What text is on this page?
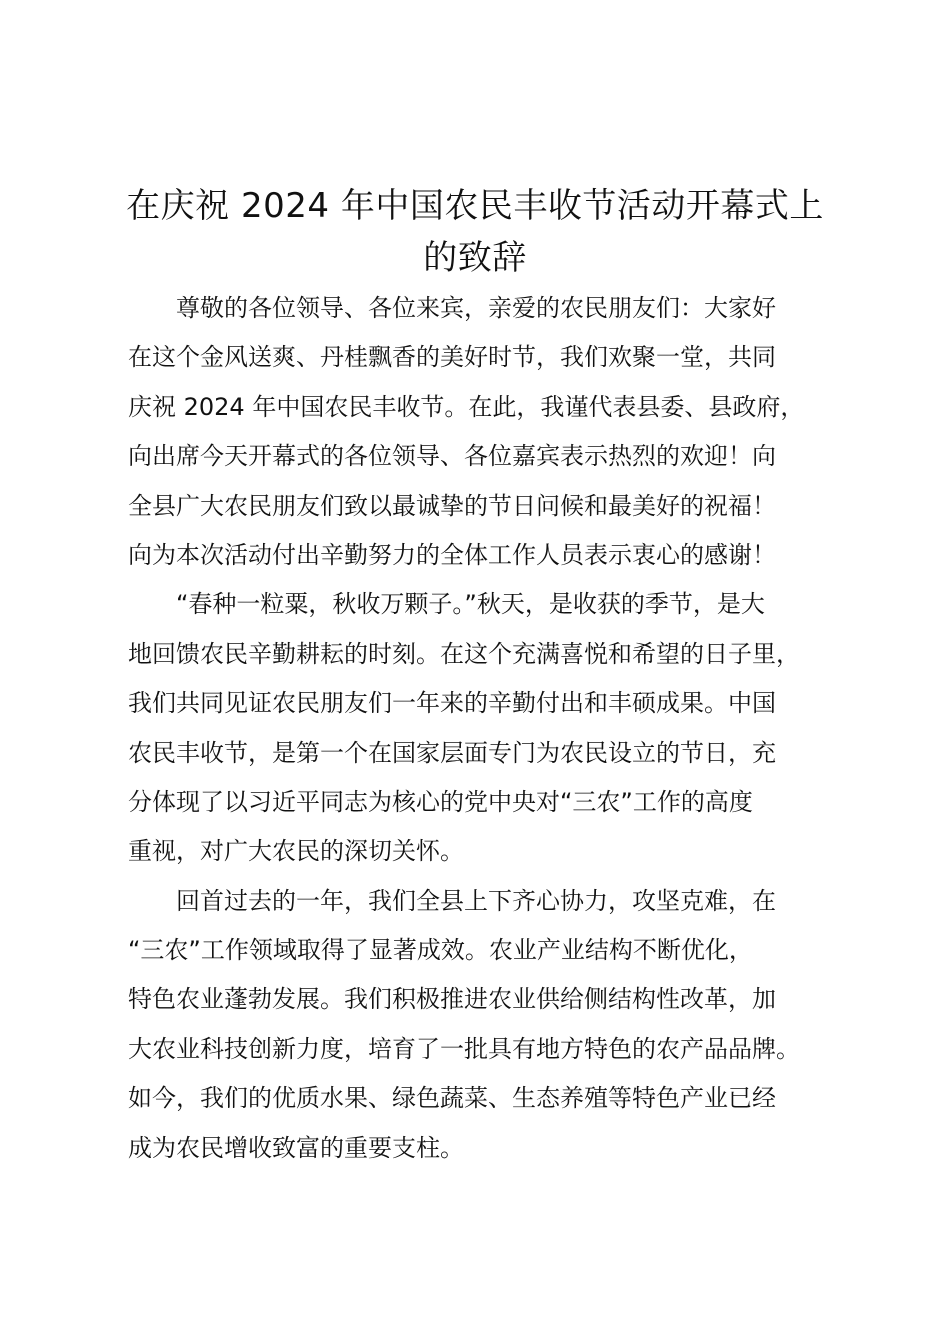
在庆祝 2024 年中国农民丰收节活动开幕式上
的致辞
尊敬的各位领导、各位来宾，亲爱的农民朋友们：大家好
在这个金风送爽、丹桂飘香的美好时节，我们欢聚一堂，共同
庆祝 2024 年中国农民丰收节。在此，我谨代表县委、县政府，
向出席今天开幕式的各位领导、各位嘉宾表示热烈的欢迎！向
全县广大农民朋友们致以最诚挚的节日问候和最美好的祝福！
向为本次活动付出辛勤努力的全体工作人员表示衷心的感谢！
“春种一粒粟，秋收万颗子。”秋天，是收获的季节，是大
地回馈农民辛勤耕耘的时刻。在这个充满喜悦和希望的日子里，
我们共同见证农民朋友们一年来的辛勤付出和丰硕成果。中国
农民丰收节，是第一个在国家层面专门为农民设立的节日，充
分体现了以习近平同志为核心的党中央对“三农”工作的高度
重视，对广大农民的深切关怀。
回首过去的一年，我们全县上下齐心协力，攻坚克难，在
“三农”工作领域取得了显著成效。农业产业结构不断优化，
特色农业蓬勃发展。我们积极推进农业供给侧结构性改革，加
大农业科技创新力度，培育了一批具有地方特色的农产品品牌。
如今，我们的优质水果、绿色蔬菜、生态养殖等特色产业已经
成为农民增收致富的重要支柱。
